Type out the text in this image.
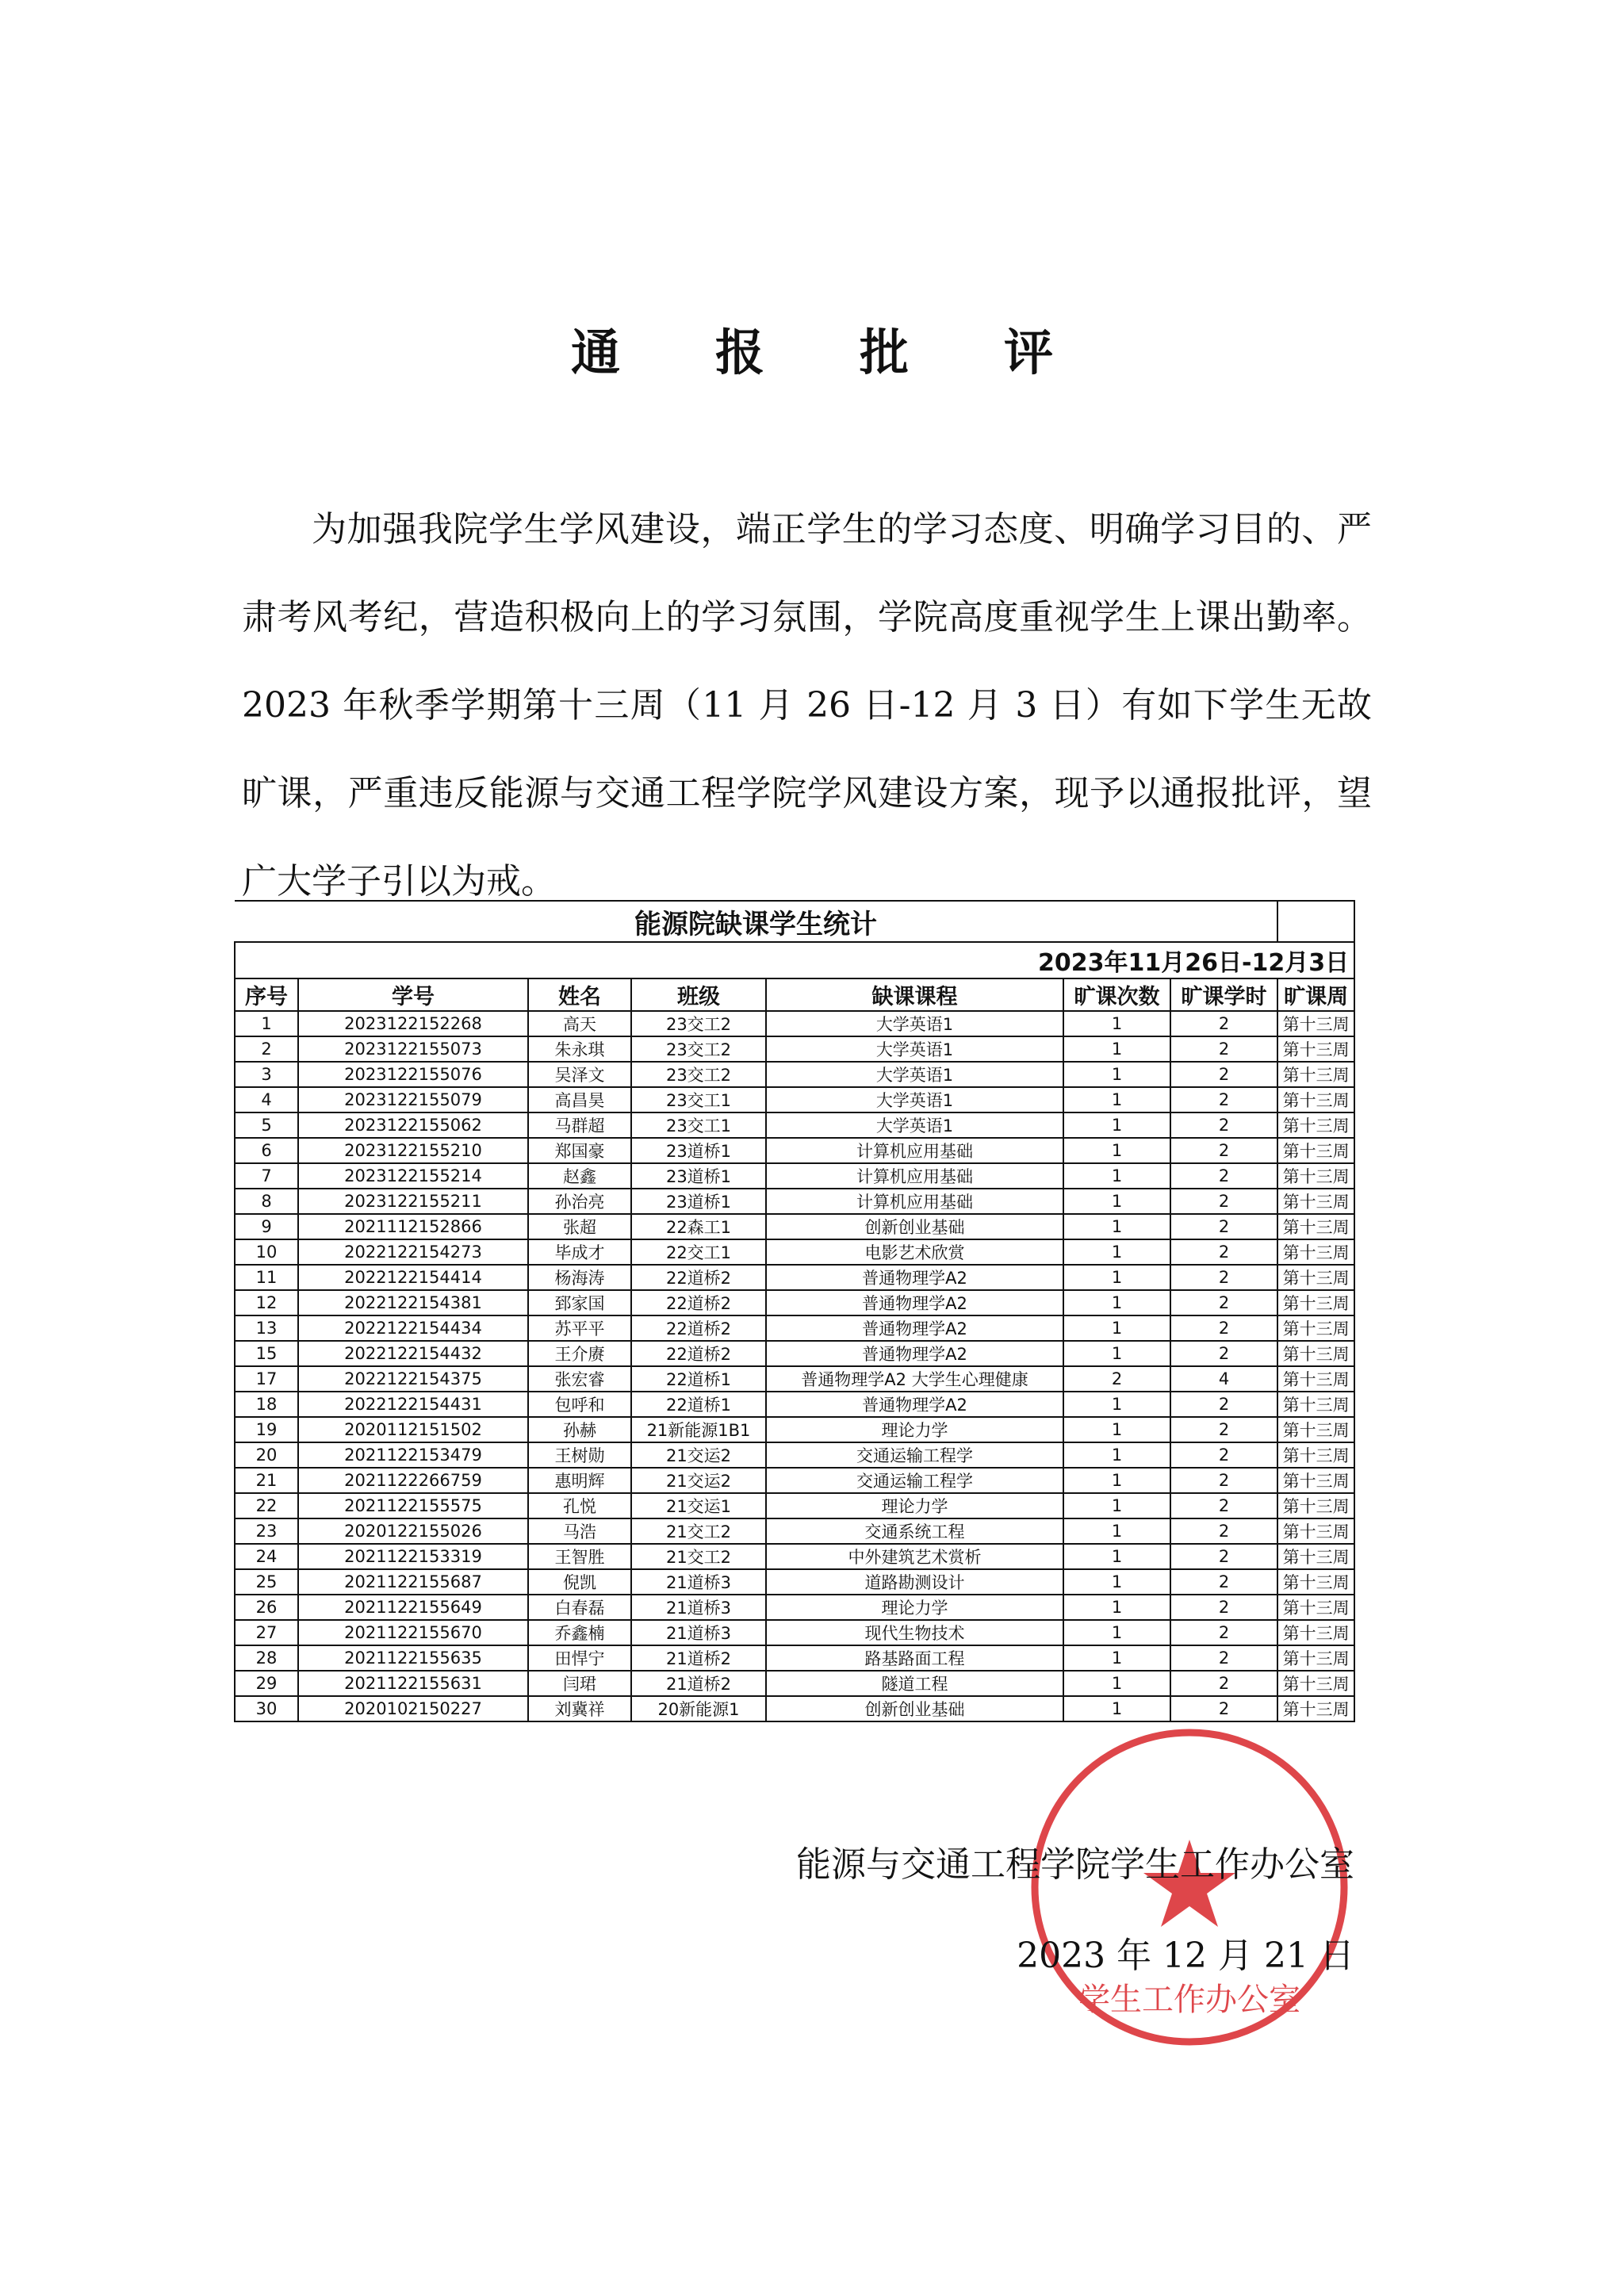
通报批评

为加强我院学生学风建设，端正学生的学习态度、明确学习目的、严肃考风考纪，营造积极向上的学习氛围，学院高度重视学生上课出勤率。2023 年秋季学期第十三周（11 月 26 日-12 月 3 日）有如下学生无故旷课，严重违反能源与交通工程学院学风建设方案，现予以通报批评，望广大学子引以为戒。

能源院缺课学生统计							
2023年11月26日-12月3日							
序号	学号	姓名	班级	缺课课程	旷课次数	旷课学时	旷课周
1	2023122152268	高天	23交工2	大学英语1	1	2	第十三周
2	2023122155073	朱永琪	23交工2	大学英语1	1	2	第十三周
3	2023122155076	吴泽文	23交工2	大学英语1	1	2	第十三周
4	2023122155079	高昌昊	23交工1	大学英语1	1	2	第十三周
5	2023122155062	马群超	23交工1	大学英语1	1	2	第十三周
6	2023122155210	郑国豪	23道桥1	计算机应用基础	1	2	第十三周
7	2023122155214	赵鑫	23道桥1	计算机应用基础	1	2	第十三周
8	2023122155211	孙治亮	23道桥1	计算机应用基础	1	2	第十三周
9	2021112152866	张超	22森工1	创新创业基础	1	2	第十三周
10	2022122154273	毕成才	22交工1	电影艺术欣赏	1	2	第十三周
11	2022122154414	杨海涛	22道桥2	普通物理学A2	1	2	第十三周
12	2022122154381	郅家国	22道桥2	普通物理学A2	1	2	第十三周
13	2022122154434	苏平平	22道桥2	普通物理学A2	1	2	第十三周
15	2022122154432	王介赓	22道桥2	普通物理学A2	1	2	第十三周
17	2022122154375	张宏睿	22道桥1	普通物理学A2 大学生心理健康	2	4	第十三周
18	2022122154431	包呼和	22道桥1	普通物理学A2	1	2	第十三周
19	2020112151502	孙赫	21新能源1B1	理论力学	1	2	第十三周
20	2021122153479	王树勋	21交运2	交通运输工程学	1	2	第十三周
21	2021122266759	惠明辉	21交运2	交通运输工程学	1	2	第十三周
22	2021122155575	孔悦	21交运1	理论力学	1	2	第十三周
23	2020122155026	马浩	21交工2	交通系统工程	1	2	第十三周
24	2021122153319	王智胜	21交工2	中外建筑艺术赏析	1	2	第十三周
25	2021122155687	倪凯	21道桥3	道路勘测设计	1	2	第十三周
26	2021122155649	白春磊	21道桥3	理论力学	1	2	第十三周
27	2021122155670	乔鑫楠	21道桥3	现代生物技术	1	2	第十三周
28	2021122155635	田悍宁	21道桥2	路基路面工程	1	2	第十三周
29	2021122155631	闫珺	21道桥2	隧道工程	1	2	第十三周
30	2020102150227	刘冀祥	20新能源1	创新创业基础	1	2	第十三周
学生工作办公室
能源与交通工程学院学生工作办公室
2023 年 12 月 21 日
